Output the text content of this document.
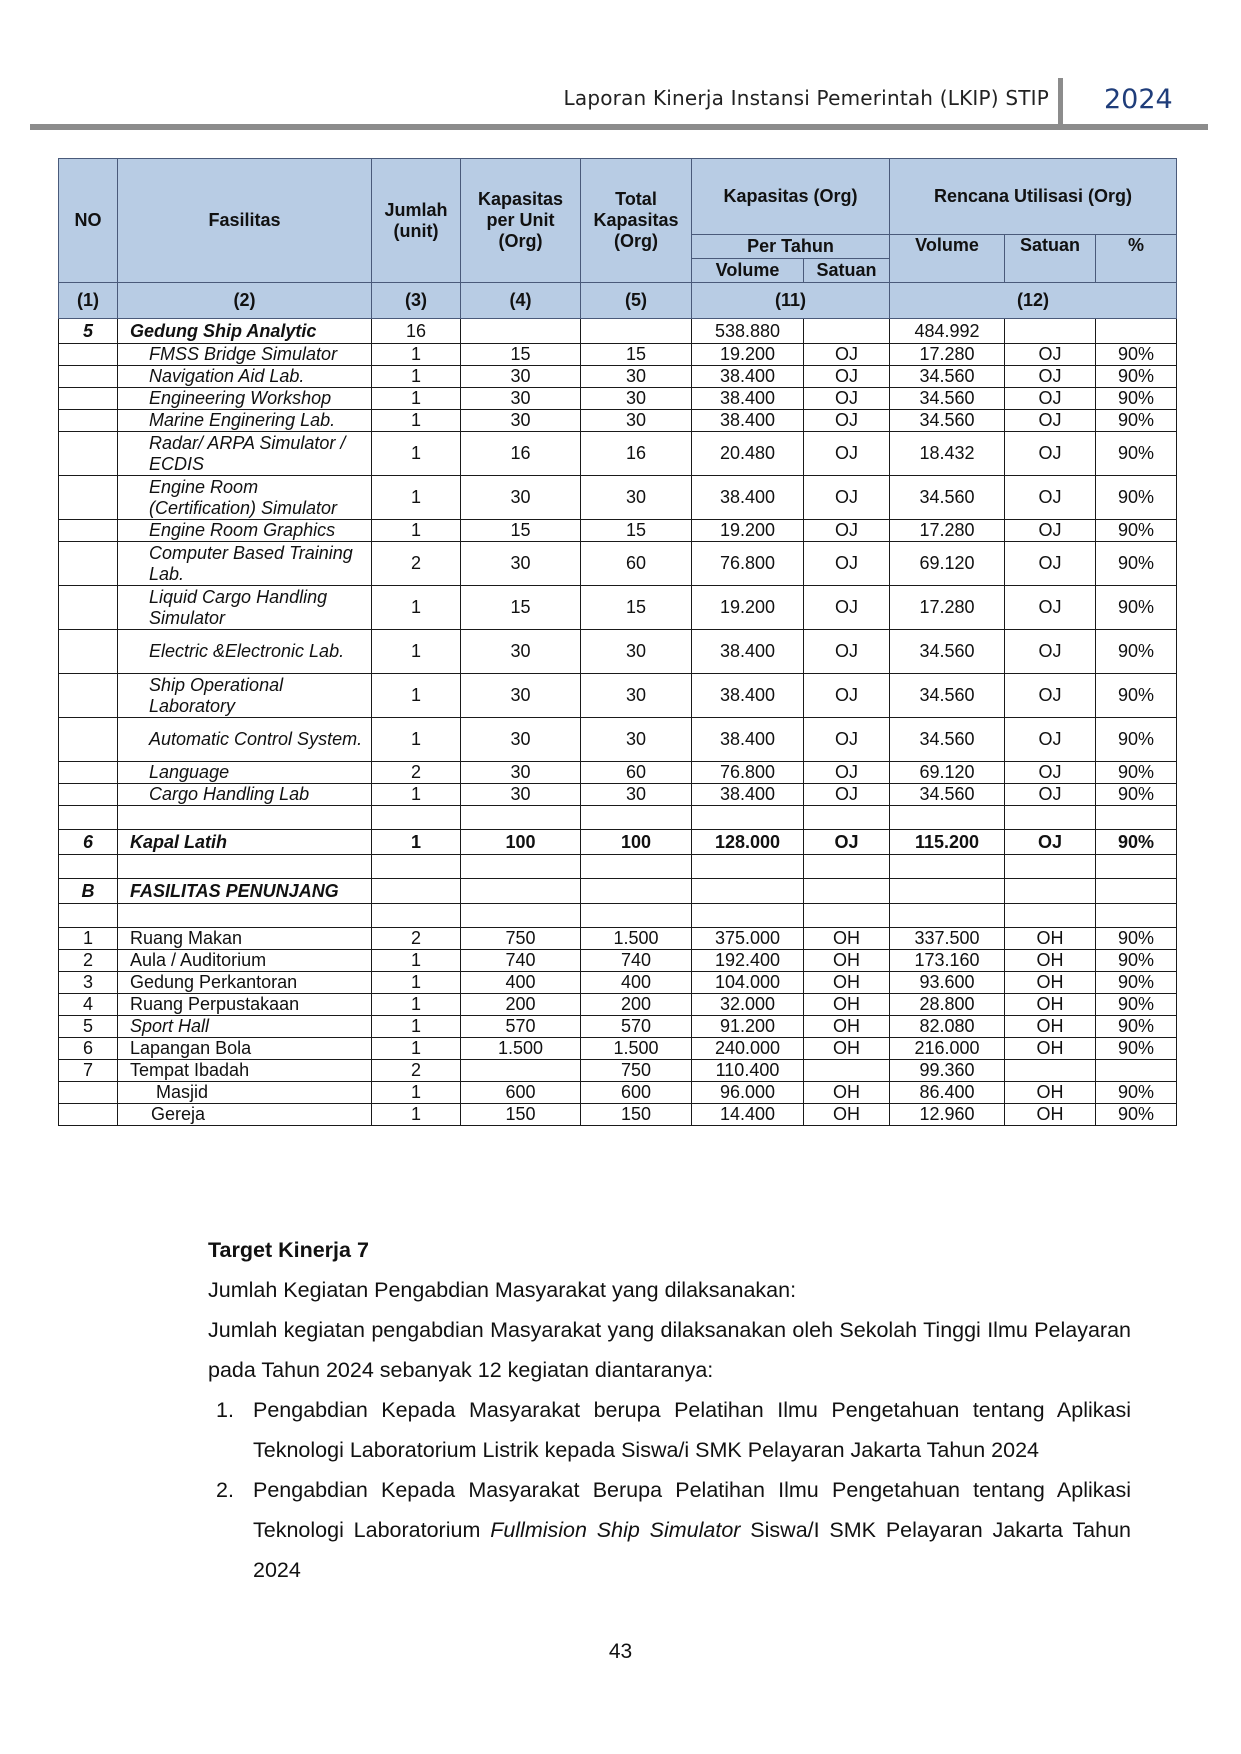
Laporan Kinerja Instansi Pemerintah (LKIP) STIP 2024
NO	Fasilitas	Jumlah (unit)	Kapasitas per Unit (Org)	Total Kapasitas (Org)	Kapasitas (Org)		Rencana Utilisasi (Org)		
					Per Tahun		Volume	Satuan	%
					Volume	Satuan			
(1)	(2)	(3)	(4)	(5)	(11)		(12)		
5	Gedung Ship Analytic	16			538.880		484.992		
	FMSS Bridge Simulator	1	15	15	19.200	OJ	17.280	OJ	90%
	Navigation Aid Lab.	1	30	30	38.400	OJ	34.560	OJ	90%
	Engineering Workshop	1	30	30	38.400	OJ	34.560	OJ	90%
	Marine Enginering Lab.	1	30	30	38.400	OJ	34.560	OJ	90%
	Radar/ ARPA Simulator / ECDIS	1	16	16	20.480	OJ	18.432	OJ	90%
	Engine Room (Certification) Simulator	1	30	30	38.400	OJ	34.560	OJ	90%
	Engine Room Graphics	1	15	15	19.200	OJ	17.280	OJ	90%
	Computer Based Training Lab.	2	30	60	76.800	OJ	69.120	OJ	90%
	Liquid Cargo Handling Simulator	1	15	15	19.200	OJ	17.280	OJ	90%
	Electric &Electronic Lab.	1	30	30	38.400	OJ	34.560	OJ	90%
	Ship Operational Laboratory	1	30	30	38.400	OJ	34.560	OJ	90%
	Automatic Control System.	1	30	30	38.400	OJ	34.560	OJ	90%
	Language	2	30	60	76.800	OJ	69.120	OJ	90%
	Cargo Handling Lab	1	30	30	38.400	OJ	34.560	OJ	90%

6	Kapal Latih	1	100	100	128.000	OJ	115.200	OJ	90%

B	FASILITAS PENUNJANG								

1	Ruang Makan	2	750	1.500	375.000	OH	337.500	OH	90%
2	Aula / Auditorium	1	740	740	192.400	OH	173.160	OH	90%
3	Gedung Perkantoran	1	400	400	104.000	OH	93.600	OH	90%
4	Ruang Perpustakaan	1	200	200	32.000	OH	28.800	OH	90%
5	Sport Hall	1	570	570	91.200	OH	82.080	OH	90%
6	Lapangan Bola	1	1.500	1.500	240.000	OH	216.000	OH	90%
7	Tempat Ibadah	2		750	110.400		99.360		
	Masjid	1	600	600	96.000	OH	86.400	OH	90%
	Gereja	1	150	150	14.400	OH	12.960	OH	90%
Target Kinerja 7
Jumlah Kegiatan Pengabdian Masyarakat yang dilaksanakan:
Jumlah kegiatan pengabdian Masyarakat yang dilaksanakan oleh Sekolah Tinggi Ilmu Pelayaran pada Tahun 2024 sebanyak 12 kegiatan diantaranya:
1. Pengabdian Kepada Masyarakat berupa Pelatihan Ilmu Pengetahuan tentang Aplikasi Teknologi Laboratorium Listrik kepada Siswa/i SMK Pelayaran Jakarta Tahun 2024
2. Pengabdian Kepada Masyarakat Berupa Pelatihan Ilmu Pengetahuan tentang Aplikasi Teknologi Laboratorium Fullmision Ship Simulator Siswa/I SMK Pelayaran Jakarta Tahun 2024
43
